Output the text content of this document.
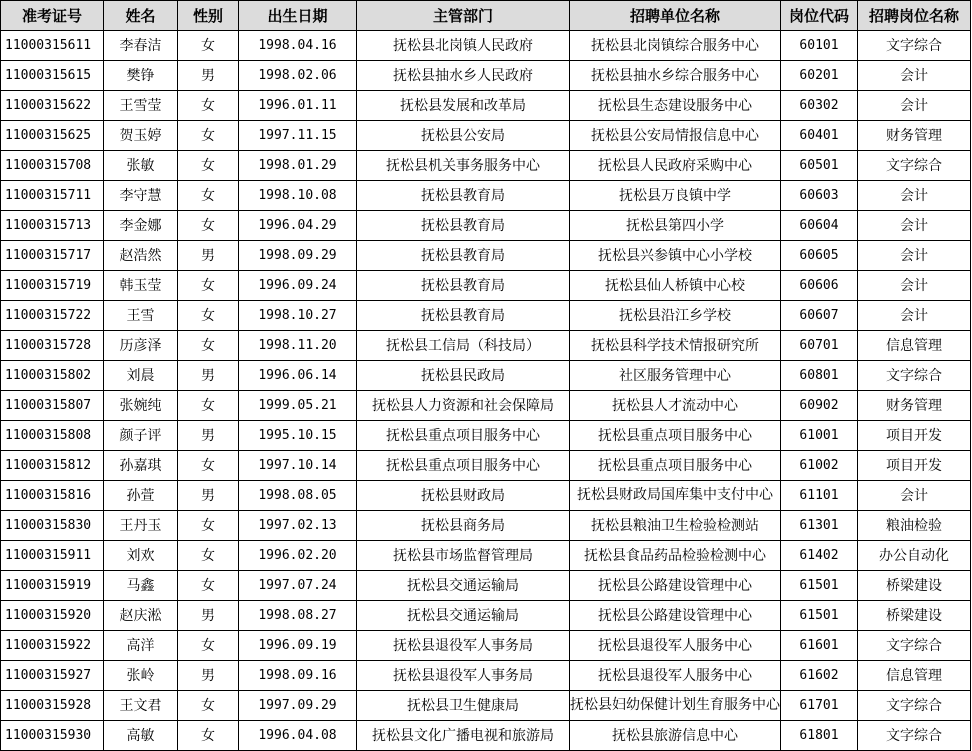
准考证号	姓名	性别	出生日期	主管部门	招聘单位名称	岗位代码	招聘岗位名称
11000315611	李春洁	女	1998.04.16	抚松县北岗镇人民政府	抚松县北岗镇综合服务中心	60101	文字综合
11000315615	樊铮	男	1998.02.06	抚松县抽水乡人民政府	抚松县抽水乡综合服务中心	60201	会计
11000315622	王雪莹	女	1996.01.11	抚松县发展和改革局	抚松县生态建设服务中心	60302	会计
11000315625	贺玉婷	女	1997.11.15	抚松县公安局	抚松县公安局情报信息中心	60401	财务管理
11000315708	张敏	女	1998.01.29	抚松县机关事务服务中心	抚松县人民政府采购中心	60501	文字综合
11000315711	李守慧	女	1998.10.08	抚松县教育局	抚松县万良镇中学	60603	会计
11000315713	李金娜	女	1996.04.29	抚松县教育局	抚松县第四小学	60604	会计
11000315717	赵浩然	男	1998.09.29	抚松县教育局	抚松县兴参镇中心小学校	60605	会计
11000315719	韩玉莹	女	1996.09.24	抚松县教育局	抚松县仙人桥镇中心校	60606	会计
11000315722	王雪	女	1998.10.27	抚松县教育局	抚松县沿江乡学校	60607	会计
11000315728	历彦泽	女	1998.11.20	抚松县工信局（科技局）	抚松县科学技术情报研究所	60701	信息管理
11000315802	刘晨	男	1996.06.14	抚松县民政局	社区服务管理中心	60801	文字综合
11000315807	张婉纯	女	1999.05.21	抚松县人力资源和社会保障局	抚松县人才流动中心	60902	财务管理
11000315808	颜子评	男	1995.10.15	抚松县重点项目服务中心	抚松县重点项目服务中心	61001	项目开发
11000315812	孙嘉琪	女	1997.10.14	抚松县重点项目服务中心	抚松县重点项目服务中心	61002	项目开发
11000315816	孙萱	男	1998.08.05	抚松县财政局	抚松县财政局国库集中支付中心	61101	会计
11000315830	王丹玉	女	1997.02.13	抚松县商务局	抚松县粮油卫生检验检测站	61301	粮油检验
11000315911	刘欢	女	1996.02.20	抚松县市场监督管理局	抚松县食品药品检验检测中心	61402	办公自动化
11000315919	马鑫	女	1997.07.24	抚松县交通运输局	抚松县公路建设管理中心	61501	桥梁建设
11000315920	赵庆淞	男	1998.08.27	抚松县交通运输局	抚松县公路建设管理中心	61501	桥梁建设
11000315922	高洋	女	1996.09.19	抚松县退役军人事务局	抚松县退役军人服务中心	61601	文字综合
11000315927	张岭	男	1998.09.16	抚松县退役军人事务局	抚松县退役军人服务中心	61602	信息管理
11000315928	王文君	女	1997.09.29	抚松县卫生健康局	抚松县妇幼保健计划生育服务中心	61701	文字综合
11000315930	高敏	女	1996.04.08	抚松县文化广播电视和旅游局	抚松县旅游信息中心	61801	文字综合
